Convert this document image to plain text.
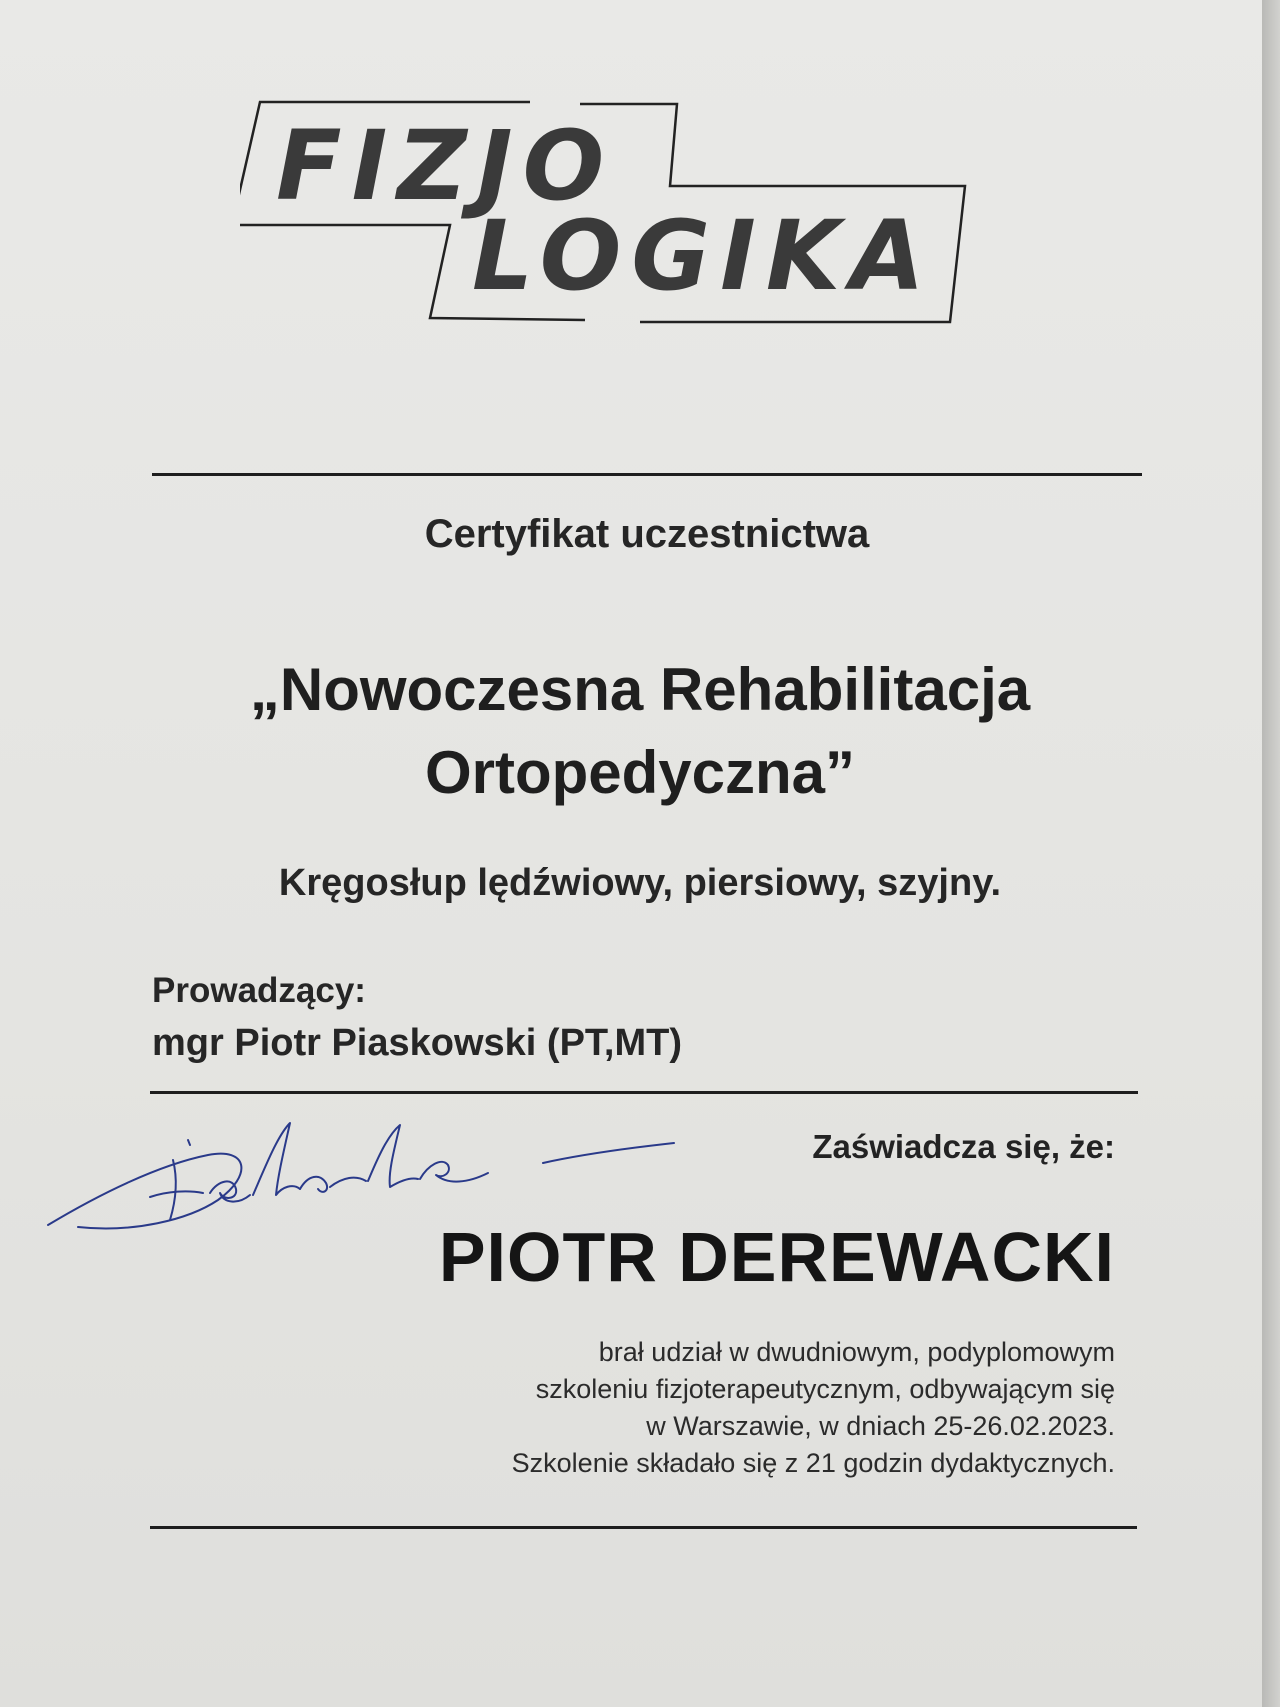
FIZJO
LOGIKA
Certyfikat uczestnictwa
„Nowoczesna Rehabilitacja
Ortopedyczna”
Kręgosłup lędźwiowy, piersiowy, szyjny.
Prowadzący:
mgr Piotr Piaskowski (PT,MT)
Zaświadcza się, że:
PIOTR DEREWACKI
brał udział w dwudniowym, podyplomowym
szkoleniu fizjoterapeutycznym, odbywającym się
w Warszawie, w dniach 25-26.02.2023.
Szkolenie składało się z 21 godzin dydaktycznych.
